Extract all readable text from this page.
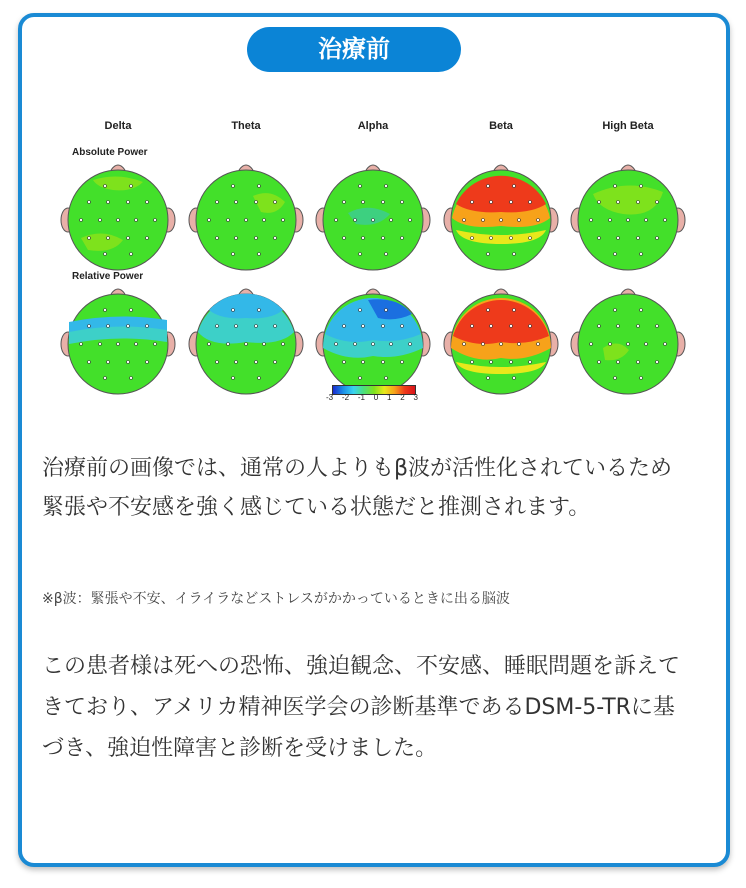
治療前
Delta	Theta	Alpha	Beta	High Beta
Absolute Power
Relative Power
-3 -2 -1 0 1 2 3
治療前の画像では、通常の人よりもβ波が活性化されているため緊張や不安感を強く感じている状態だと推測されます。
※β波：緊張や不安、イライラなどストレスがかかっているときに出る脳波
この患者様は死への恐怖、強迫観念、不安感、睡眠問題を訴えてきており、アメリカ精神医学会の診断基準であるDSM-5-TRに基づき、強迫性障害と診断を受けました。
